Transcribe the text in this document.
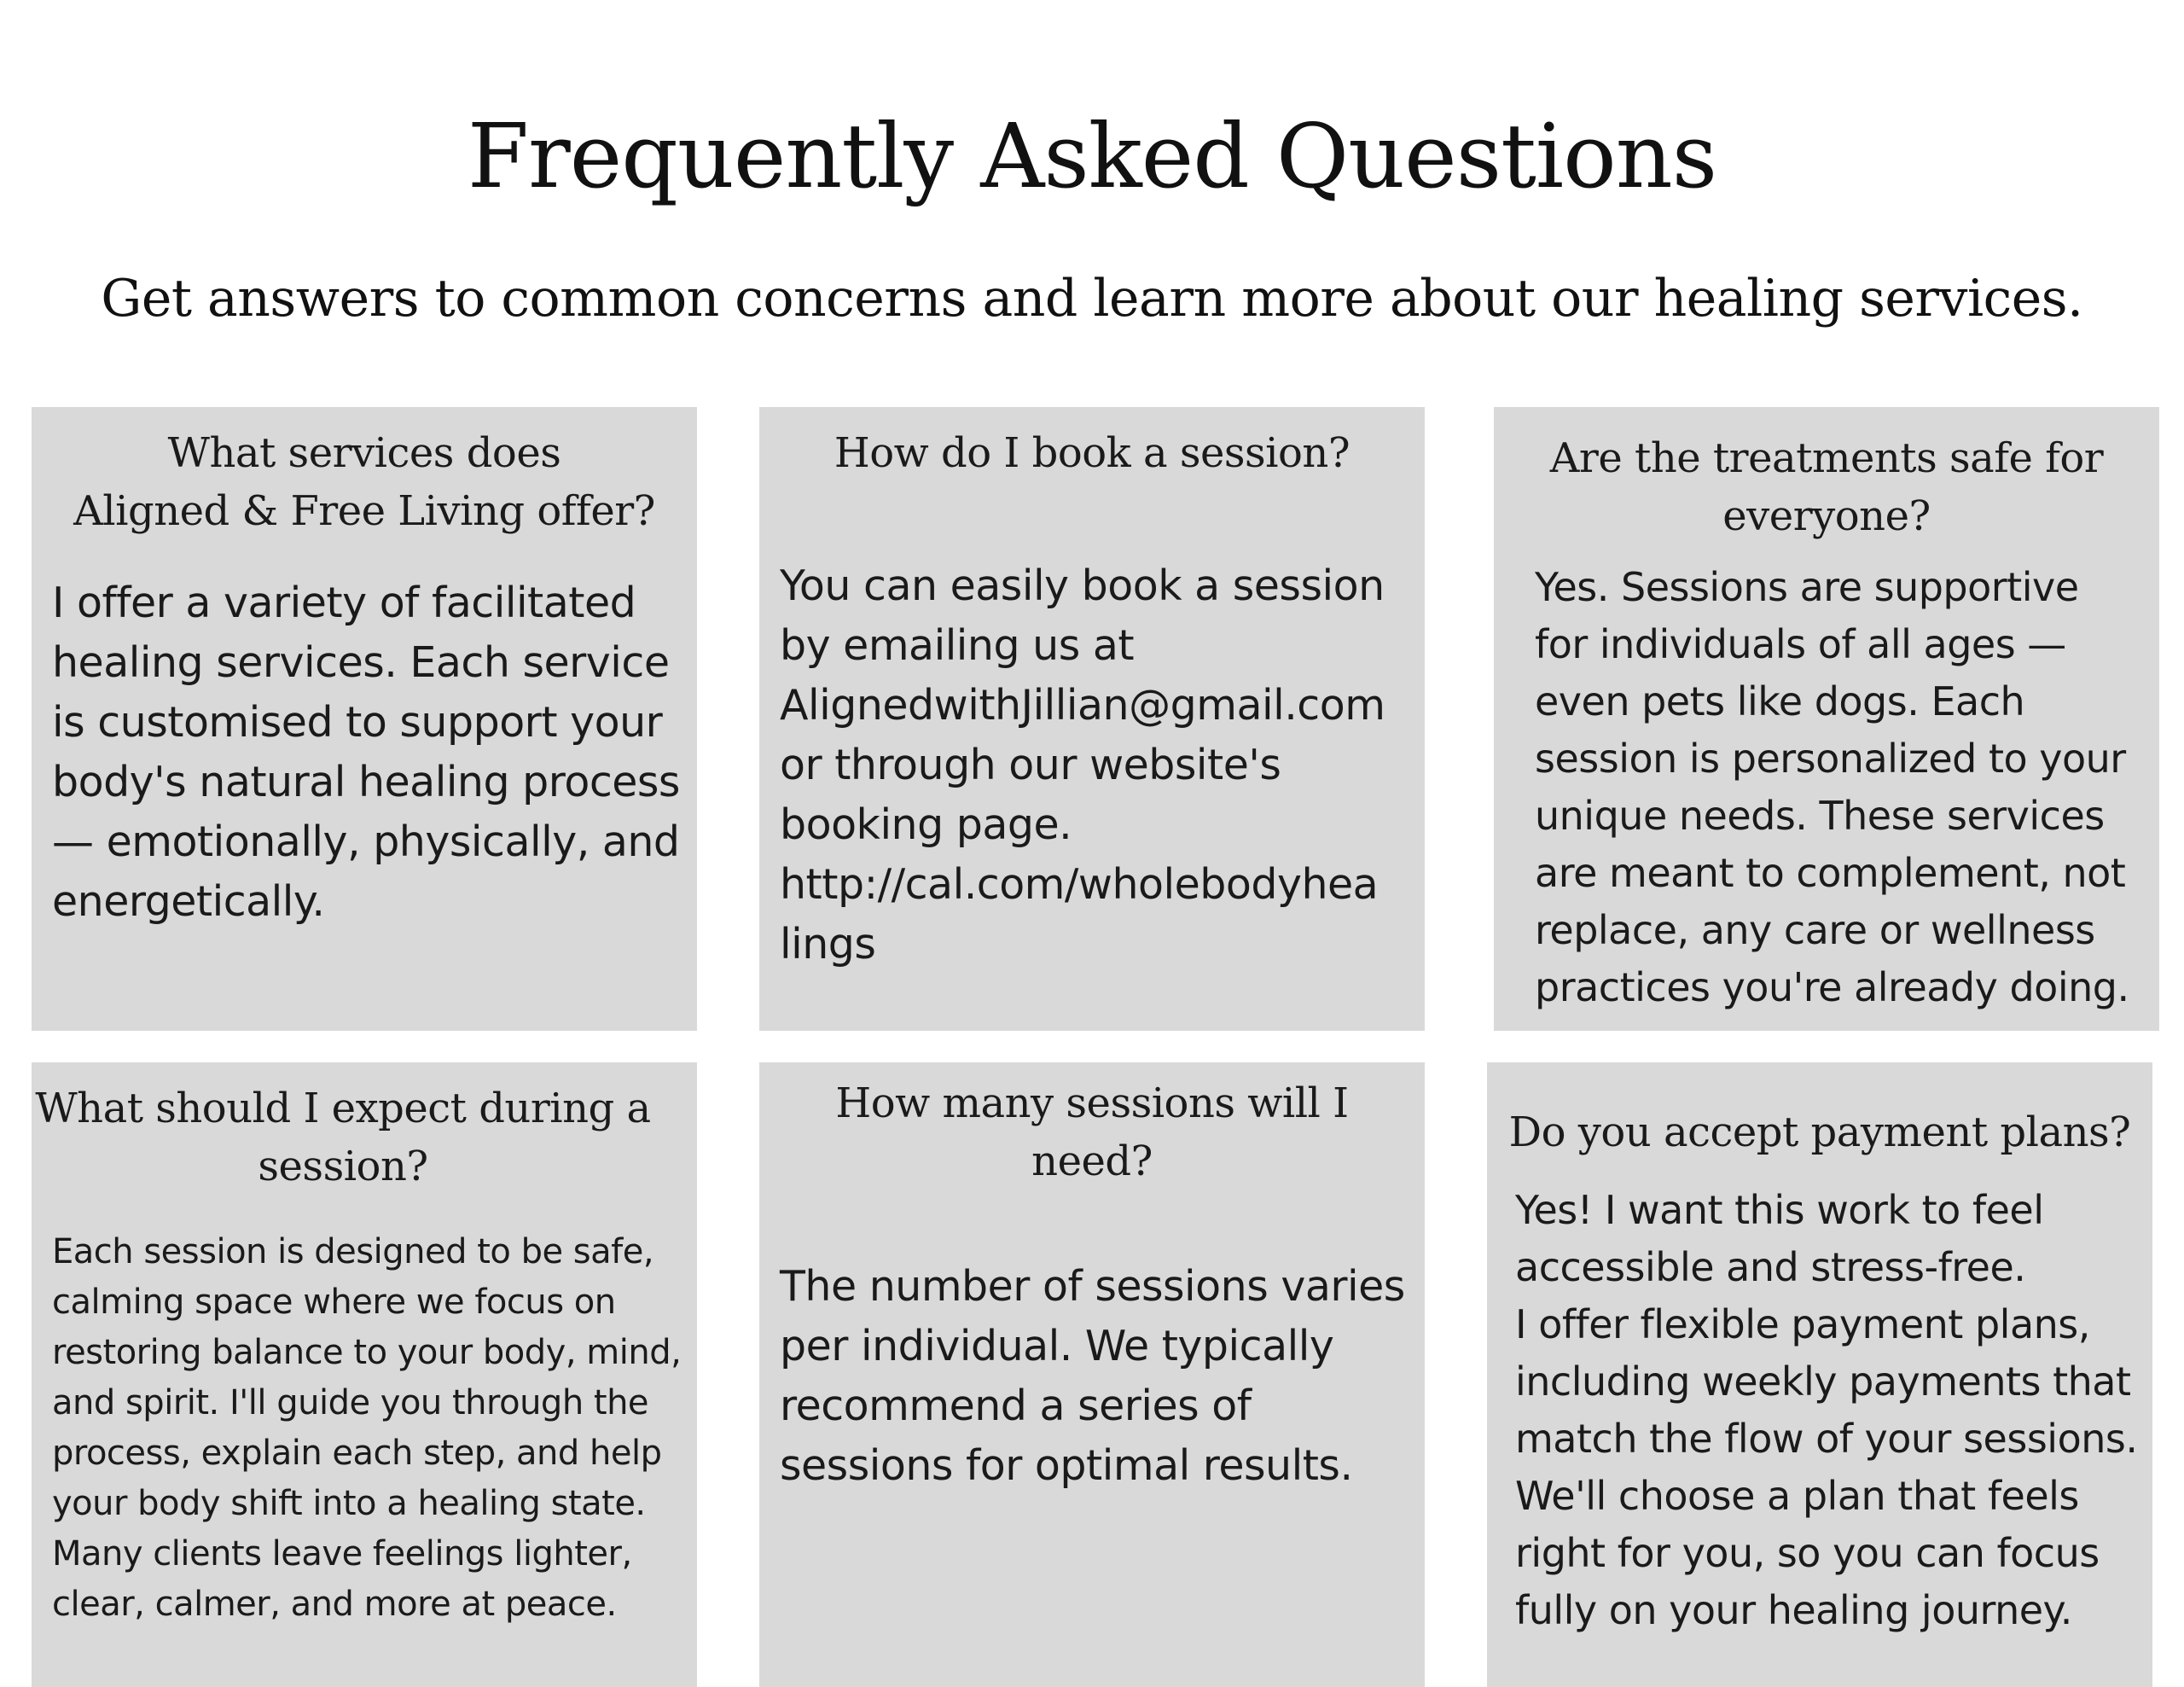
Frequently Asked Questions

Get answers to common concerns and learn more about our healing services.

What services does
Aligned & Free Living offer?

I offer a variety of facilitated
healing services. Each service
is customised to support your
body's natural healing process
— emotionally, physically, and
energetically.

How do I book a session?

You can easily book a session
by emailing us at
AlignedwithJillian@gmail.com
or through our website's
booking page.
http://cal.com/wholebodyhea
lings

Are the treatments safe for
everyone?

Yes. Sessions are supportive
for individuals of all ages —
even pets like dogs. Each
session is personalized to your
unique needs. These services
are meant to complement, not
replace, any care or wellness
practices you're already doing.

What should I expect during a
session?

Each session is designed to be safe,
calming space where we focus on
restoring balance to your body, mind,
and spirit. I'll guide you through the
process, explain each step, and help
your body shift into a healing state.
Many clients leave feelings lighter,
clear, calmer, and more at peace.

How many sessions will I
need?

The number of sessions varies
per individual. We typically
recommend a series of
sessions for optimal results.

Do you accept payment plans?

Yes! I want this work to feel
accessible and stress-free.
I offer flexible payment plans,
including weekly payments that
match the flow of your sessions.
We'll choose a plan that feels
right for you, so you can focus
fully on your healing journey.
